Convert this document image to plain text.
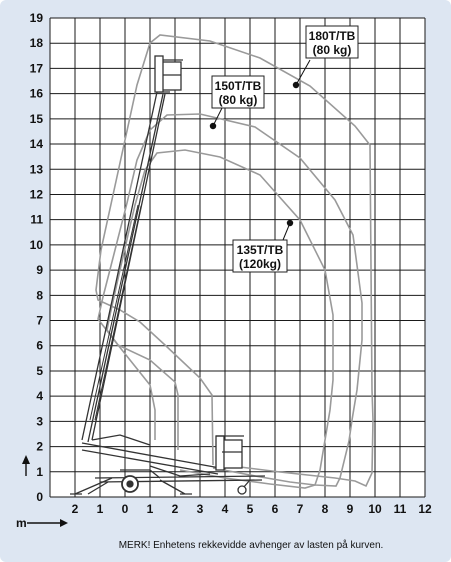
180T/TB
(80 kg)
150T/TB
(80 kg)
135T/TB
(120kg)
19
18
17
16
15
14
13
12
11
10
9
8
7
6
5
4
3
2
1
0
2 1 0 1 2 3 4 5 6 7 8 9 10 11 12
m
MERK! Enhetens rekkevidde avhenger av lasten på kurven.
